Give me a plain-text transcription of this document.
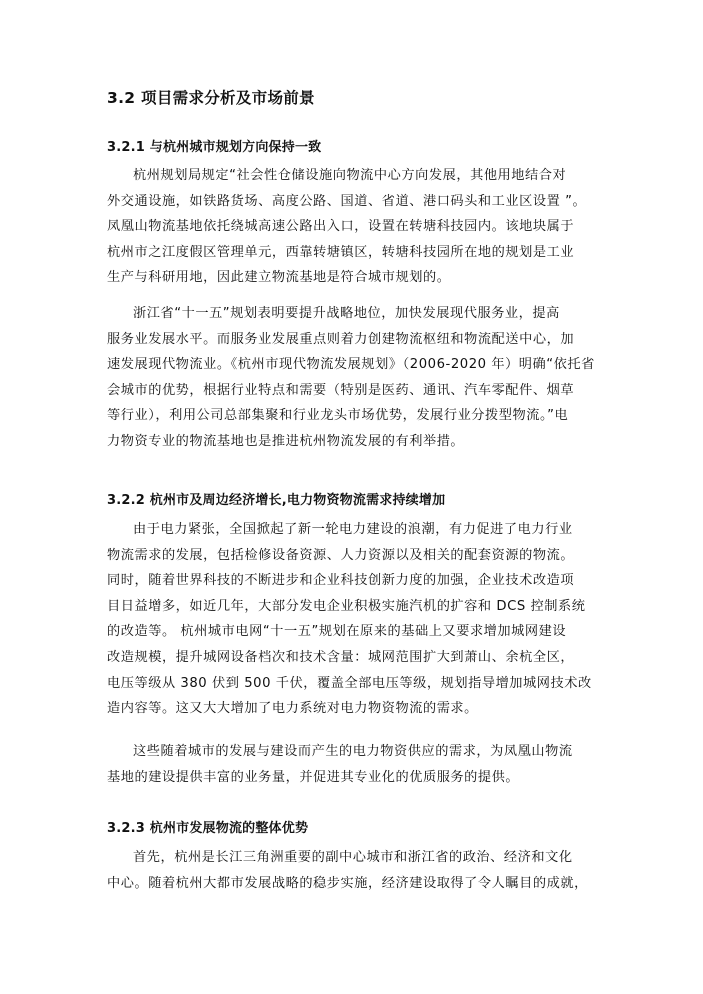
3.2 项目需求分析及市场前景
3.2.1 与杭州城市规划方向保持一致
杭州规划局规定“社会性仓储设施向物流中心方向发展，其他用地结合对
外交通设施，如铁路货场、高度公路、国道、省道、港口码头和工业区设置 ”。
凤凰山物流基地依托绕城高速公路出入口，设置在转塘科技园内。该地块属于
杭州市之江度假区管理单元，西靠转塘镇区，转塘科技园所在地的规划是工业
生产与科研用地，因此建立物流基地是符合城市规划的。
浙江省“十一五”规划表明要提升战略地位，加快发展现代服务业，提高
服务业发展水平。而服务业发展重点则着力创建物流枢纽和物流配送中心，加
速发展现代物流业。《杭州市现代物流发展规划》（2006-2020 年）明确“依托省
会城市的优势，根据行业特点和需要（特别是医药、通讯、汽车零配件、烟草
等行业），利用公司总部集聚和行业龙头市场优势，发展行业分拨型物流。”电
力物资专业的物流基地也是推进杭州物流发展的有利举措。
3.2.2 杭州市及周边经济增长,电力物资物流需求持续增加
由于电力紧张，全国掀起了新一轮电力建设的浪潮，有力促进了电力行业
物流需求的发展，包括检修设备资源、人力资源以及相关的配套资源的物流。
同时，随着世界科技的不断进步和企业科技创新力度的加强，企业技术改造项
目日益增多，如近几年，大部分发电企业积极实施汽机的扩容和 DCS 控制系统
的改造等。 杭州城市电网“十一五”规划在原来的基础上又要求增加城网建设
改造规模，提升城网设备档次和技术含量：城网范围扩大到萧山、余杭全区，
电压等级从 380 伏到 500 千伏，覆盖全部电压等级，规划指导增加城网技术改
造内容等。这又大大增加了电力系统对电力物资物流的需求。
这些随着城市的发展与建设而产生的电力物资供应的需求，为凤凰山物流
基地的建设提供丰富的业务量，并促进其专业化的优质服务的提供。
3.2.3 杭州市发展物流的整体优势
首先，杭州是长江三角洲重要的副中心城市和浙江省的政治、经济和文化
中心。随着杭州大都市发展战略的稳步实施，经济建设取得了令人瞩目的成就，
